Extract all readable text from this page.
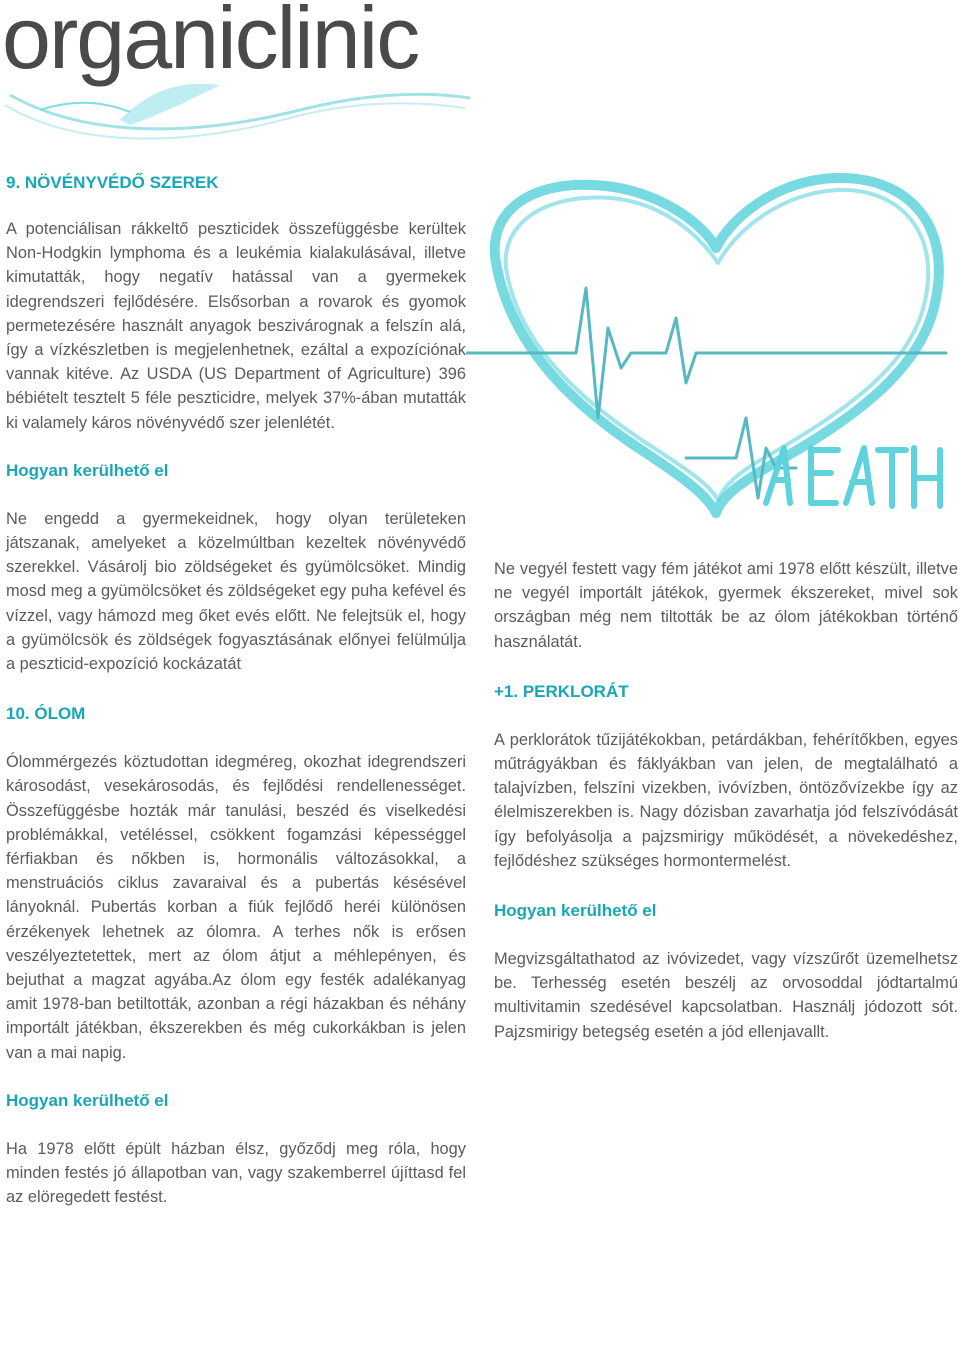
organiclinic
HEALTH
9. NÖVÉNYVÉDŐ SZEREK

A potenciálisan rákkeltő peszticidek összefüggésbe kerültek Non-Hodgkin lymphoma és a leukémia kialakulásával, illetve kimutatták, hogy negatív hatással van a gyermekek idegrendszeri fejlődésére. Elsősorban a rovarok és gyomok permetezésére használt anyagok beszivárognak a felszín alá, így a vízkészletben is megjelenhetnek, ezáltal a expozíciónak vannak kitéve. Az USDA (US Department of Agriculture) 396 bébiételt tesztelt 5 féle peszticidre, melyek 37%-ában mutatták ki valamely káros növényvédő szer jelenlétét.

Hogyan kerülhető el

Ne engedd a gyermekeidnek, hogy olyan területeken játszanak, amelyeket a közelmúltban kezeltek növényvédő szerekkel. Vásárolj bio zöldségeket és gyümölcsöket. Mindig mosd meg a gyümölcsöket és zöldségeket egy puha kefével és vízzel, vagy hámozd meg őket evés előtt. Ne felejtsük el, hogy a gyümölcsök és zöldségek fogyasztásának előnyei felülmúlja a peszticid-expozíció kockázatát

10. ÓLOM

Ólommérgezés köztudottan idegméreg, okozhat idegrendszeri károsodást, vesekárosodás, és fejlődési rendellenességet. Összefüggésbe hozták már tanulási, beszéd és viselkedési problémákkal, vetéléssel, csökkent fogamzási képességgel férfiakban és nőkben is, hormonális változásokkal, a menstruációs ciklus zavaraival és a pubertás késésével lányoknál. Pubertás korban a fiúk fejlődő heréi különösen érzékenyek lehetnek az ólomra. A terhes nők is erősen veszélyeztetettek, mert az ólom átjut a méhlepényen, és bejuthat a magzat agyába.Az ólom egy festék adalékanyag amit 1978-ban betiltották, azonban a régi házakban és néhány importált játékban, ékszerekben és még cukorkákban is jelen van a mai napig.

Hogyan kerülhető el

Ha 1978 előtt épült házban élsz, győződj meg róla, hogy minden festés jó állapotban van, vagy szakemberrel újíttasd fel az elöregedett festést.

Ne vegyél festett vagy fém játékot ami 1978 előtt készült, illetve ne vegyél importált játékok, gyermek ékszereket, mivel sok országban még nem tiltották be az ólom játékokban történő használatát.

+1. PERKLORÁT

A perklorátok tűzijátékokban, petárdákban, fehérítőkben, egyes műtrágyákban és fáklyákban van jelen, de megtalálható a talajvízben, felszíni vizekben, ivóvízben, öntözővízekbe így az élelmiszerekben is. Nagy dózisban zavarhatja jód felszívódását így befolyásolja a pajzsmirigy működését, a növekedéshez, fejlődéshez szükséges hormontermelést.

Hogyan kerülhető el

Megvizsgáltathatod az ivóvizedet, vagy vízszűrőt üzemelhetsz be. Terhesség esetén beszélj az orvosoddal jódtartalmú multivitamin szedésével kapcsolatban. Használj jódozott sót. Pajzsmirigy betegség esetén a jód ellenjavallt.
